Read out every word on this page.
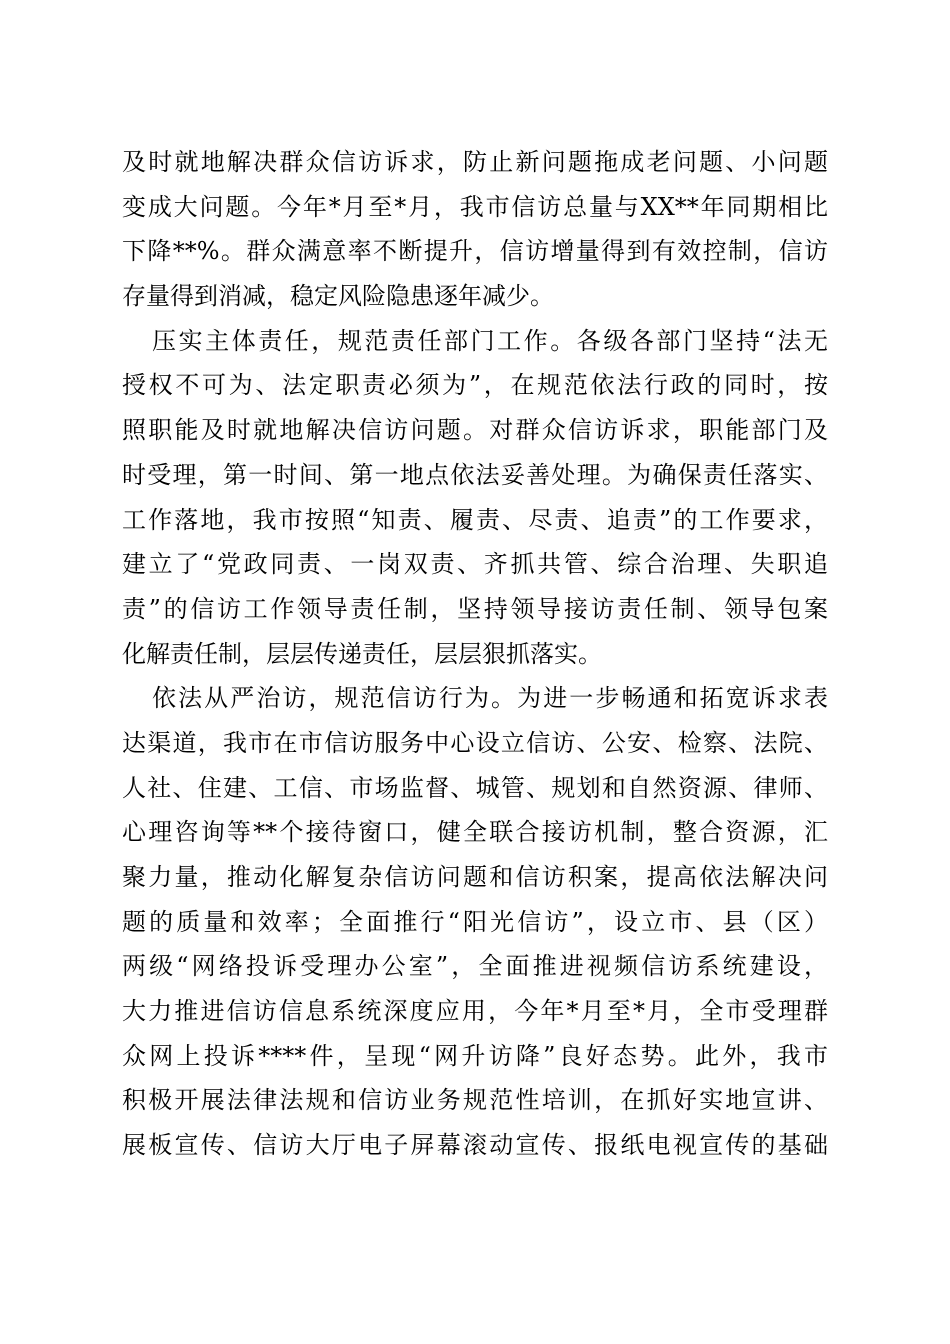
及时就地解决群众信访诉求，防止新问题拖成老问题、小问题
变成大问题。今年*月至*月，我市信访总量与XX**年同期相比
下降**%。群众满意率不断提升，信访增量得到有效控制，信访
存量得到消减，稳定风险隐患逐年减少。
压实主体责任，规范责任部门工作。各级各部门坚持“法无
授权不可为、法定职责必须为”，在规范依法行政的同时，按
照职能及时就地解决信访问题。对群众信访诉求，职能部门及
时受理，第一时间、第一地点依法妥善处理。为确保责任落实、
工作落地，我市按照“知责、履责、尽责、追责”的工作要求，
建立了“党政同责、一岗双责、齐抓共管、综合治理、失职追
责”的信访工作领导责任制，坚持领导接访责任制、领导包案
化解责任制，层层传递责任，层层狠抓落实。
依法从严治访，规范信访行为。为进一步畅通和拓宽诉求表
达渠道，我市在市信访服务中心设立信访、公安、检察、法院、
人社、住建、工信、市场监督、城管、规划和自然资源、律师、
心理咨询等**个接待窗口，健全联合接访机制，整合资源，汇
聚力量，推动化解复杂信访问题和信访积案，提高依法解决问
题的质量和效率；全面推行“阳光信访”，设立市、县（区）
两级“网络投诉受理办公室”，全面推进视频信访系统建设，
大力推进信访信息系统深度应用，今年*月至*月，全市受理群
众网上投诉****件，呈现“网升访降”良好态势。此外，我市
积极开展法律法规和信访业务规范性培训，在抓好实地宣讲、
展板宣传、信访大厅电子屏幕滚动宣传、报纸电视宣传的基础
